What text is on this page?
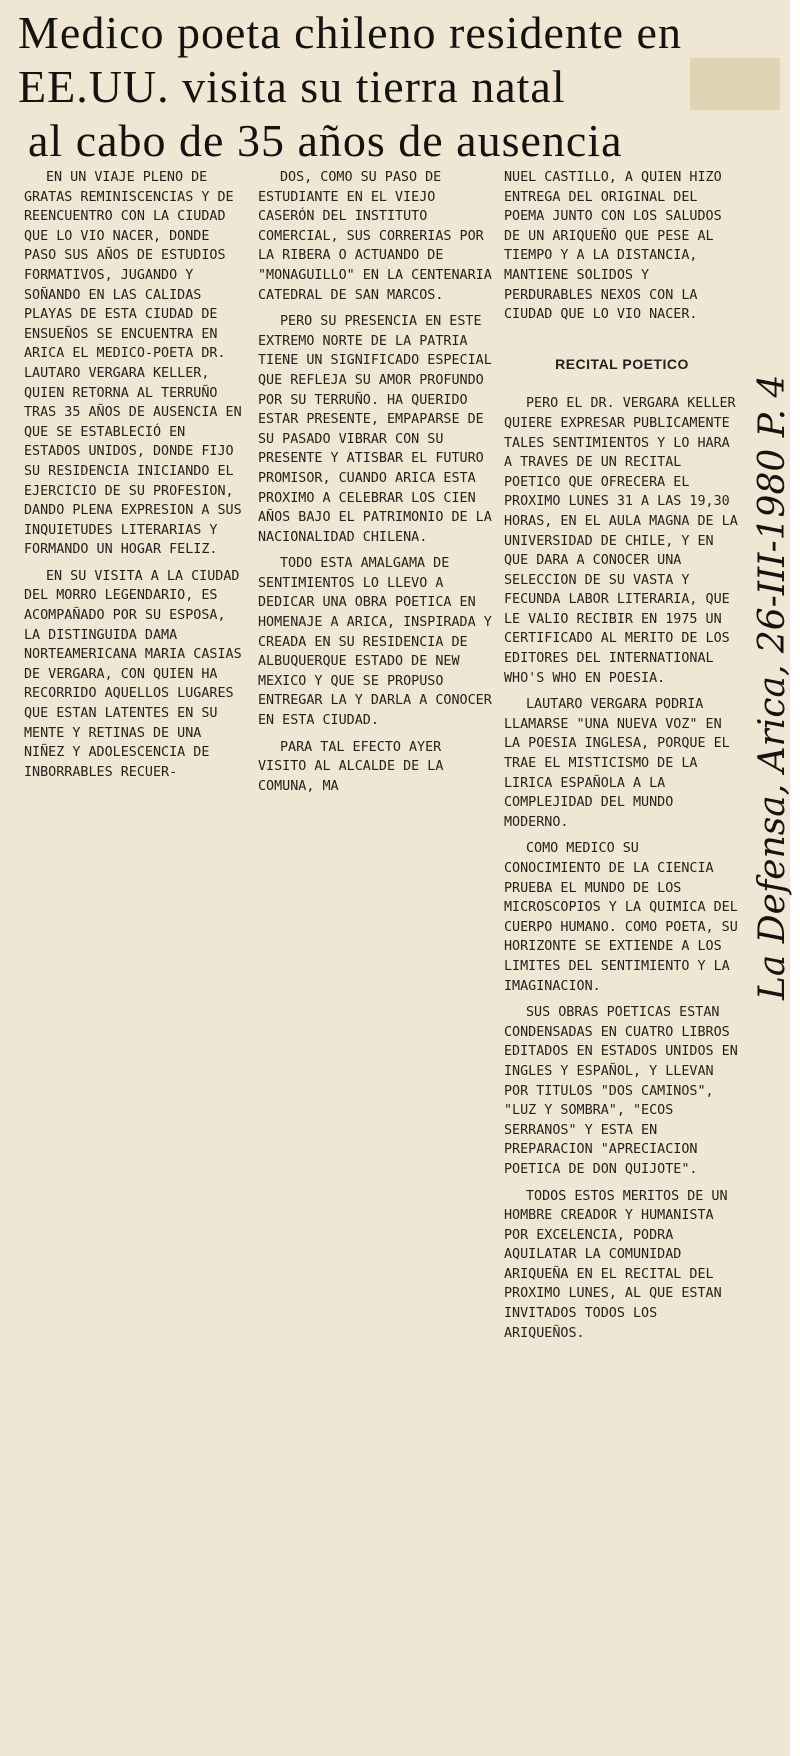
Medico poeta chileno residente en
EE.UU. visita su tierra natal
al cabo de 35 años de ausencia

EN UN VIAJE PLENO DE GRATAS REMINISCENCIAS Y DE REENCUENTRO CON LA CIUDAD QUE LO VIO NACER, DONDE PASO SUS AÑOS DE ESTUDIOS FORMATIVOS, JUGANDO Y SOÑANDO EN LAS CALIDAS PLAYAS DE ESTA CIUDAD DE ENSUEÑOS SE ENCUENTRA EN ARICA EL MEDICO-POETA DR. LAUTARO VERGARA KELLER, QUIEN RETORNA AL TERRUÑO TRAS 35 AÑOS DE AUSENCIA EN QUE SE ESTABLECIÓ EN ESTADOS UNIDOS, DONDE FIJO SU RESIDENCIA INICIANDO EL EJERCICIO DE SU PROFESION, DANDO PLENA EXPRESION A SUS INQUIETUDES LITERARIAS Y FORMANDO UN HOGAR FELIZ.

EN SU VISITA A LA CIUDAD DEL MORRO LEGENDARIO, ES ACOMPAÑADO POR SU ESPOSA, LA DISTINGUIDA DAMA NORTEAMERICANA MARIA CASIAS DE VERGARA, CON QUIEN HA RECORRIDO AQUELLOS LUGARES QUE ESTAN LATENTES EN SU MENTE Y RETINAS DE UNA NIÑEZ Y ADOLESCENCIA DE INBORRABLES RECUER-

DOS, COMO SU PASO DE ESTUDIANTE EN EL VIEJO CASERÓN DEL INSTITUTO COMERCIAL, SUS CORRERIAS POR LA RIBERA O ACTUANDO DE "MONAGUILLO" EN LA CENTENARIA CATEDRAL DE SAN MARCOS.

PERO SU PRESENCIA EN ESTE EXTREMO NORTE DE LA PATRIA TIENE UN SIGNIFICADO ESPECIAL QUE REFLEJA SU AMOR PROFUNDO POR SU TERRUÑO. HA QUERIDO ESTAR PRESENTE, EMPAPARSE DE SU PASADO VIBRAR CON SU PRESENTE Y ATISBAR EL FUTURO PROMISOR, CUANDO ARICA ESTA PROXIMO A CELEBRAR LOS CIEN AÑOS BAJO EL PATRIMONIO DE LA NACIONALIDAD CHILENA.

TODO ESTA AMALGAMA DE SENTIMIENTOS LO LLEVO A DEDICAR UNA OBRA POETICA EN HOMENAJE A ARICA, INSPIRADA Y CREADA EN SU RESIDENCIA DE ALBUQUERQUE ESTADO DE NEW MEXICO Y QUE SE PROPUSO ENTREGAR LA Y DARLA A CONOCER EN ESTA CIUDAD.

PARA TAL EFECTO AYER VISITO AL ALCALDE DE LA COMUNA, MA

NUEL CASTILLO, A QUIEN HIZO ENTREGA DEL ORIGINAL DEL POEMA JUNTO CON LOS SALUDOS DE UN ARIQUEÑO QUE PESE AL TIEMPO Y A LA DISTANCIA, MANTIENE SOLIDOS Y PERDURABLES NEXOS CON LA CIUDAD QUE LO VIO NACER.

RECITAL POETICO

PERO EL DR. VERGARA KELLER QUIERE EXPRESAR PUBLICAMENTE TALES SENTIMIENTOS Y LO HARA A TRAVES DE UN RECITAL POETICO QUE OFRECERA EL PROXIMO LUNES 31 A LAS 19,30 HORAS, EN EL AULA MAGNA DE LA UNIVERSIDAD DE CHILE, Y EN QUE DARA A CONOCER UNA SELECCION DE SU VASTA Y FECUNDA LABOR LITERARIA, QUE LE VALIO RECIBIR EN 1975 UN CERTIFICADO AL MERITO DE LOS EDITORES DEL INTERNATIONAL WHO'S WHO EN POESIA.

LAUTARO VERGARA PODRIA LLAMARSE "UNA NUEVA VOZ" EN LA POESIA INGLESA, PORQUE EL TRAE EL MISTICISMO DE LA LIRICA ESPAÑOLA A LA COMPLEJIDAD DEL MUNDO MODERNO.

COMO MEDICO SU CONOCIMIENTO DE LA CIENCIA PRUEBA EL MUNDO DE LOS MICROSCOPIOS Y LA QUIMICA DEL CUERPO HUMANO. COMO POETA, SU HORIZONTE SE EXTIENDE A LOS LIMITES DEL SENTIMIENTO Y LA IMAGINACION.

SUS OBRAS POETICAS ESTAN CONDENSADAS EN CUATRO LIBROS EDITADOS EN ESTADOS UNIDOS EN INGLES Y ESPAÑOL, Y LLEVAN POR TITULOS "DOS CAMINOS", "LUZ Y SOMBRA", "ECOS SERRANOS" Y ESTA EN PREPARACION "APRECIACION POETICA DE DON QUIJOTE".

TODOS ESTOS MERITOS DE UN HOMBRE CREADOR Y HUMANISTA POR EXCELENCIA, PODRA AQUILATAR LA COMUNIDAD ARIQUEÑA EN EL RECITAL DEL PROXIMO LUNES, AL QUE ESTAN INVITADOS TODOS LOS ARIQUEÑOS.

La Defensa, Arica, 26-III-1980 P. 4
